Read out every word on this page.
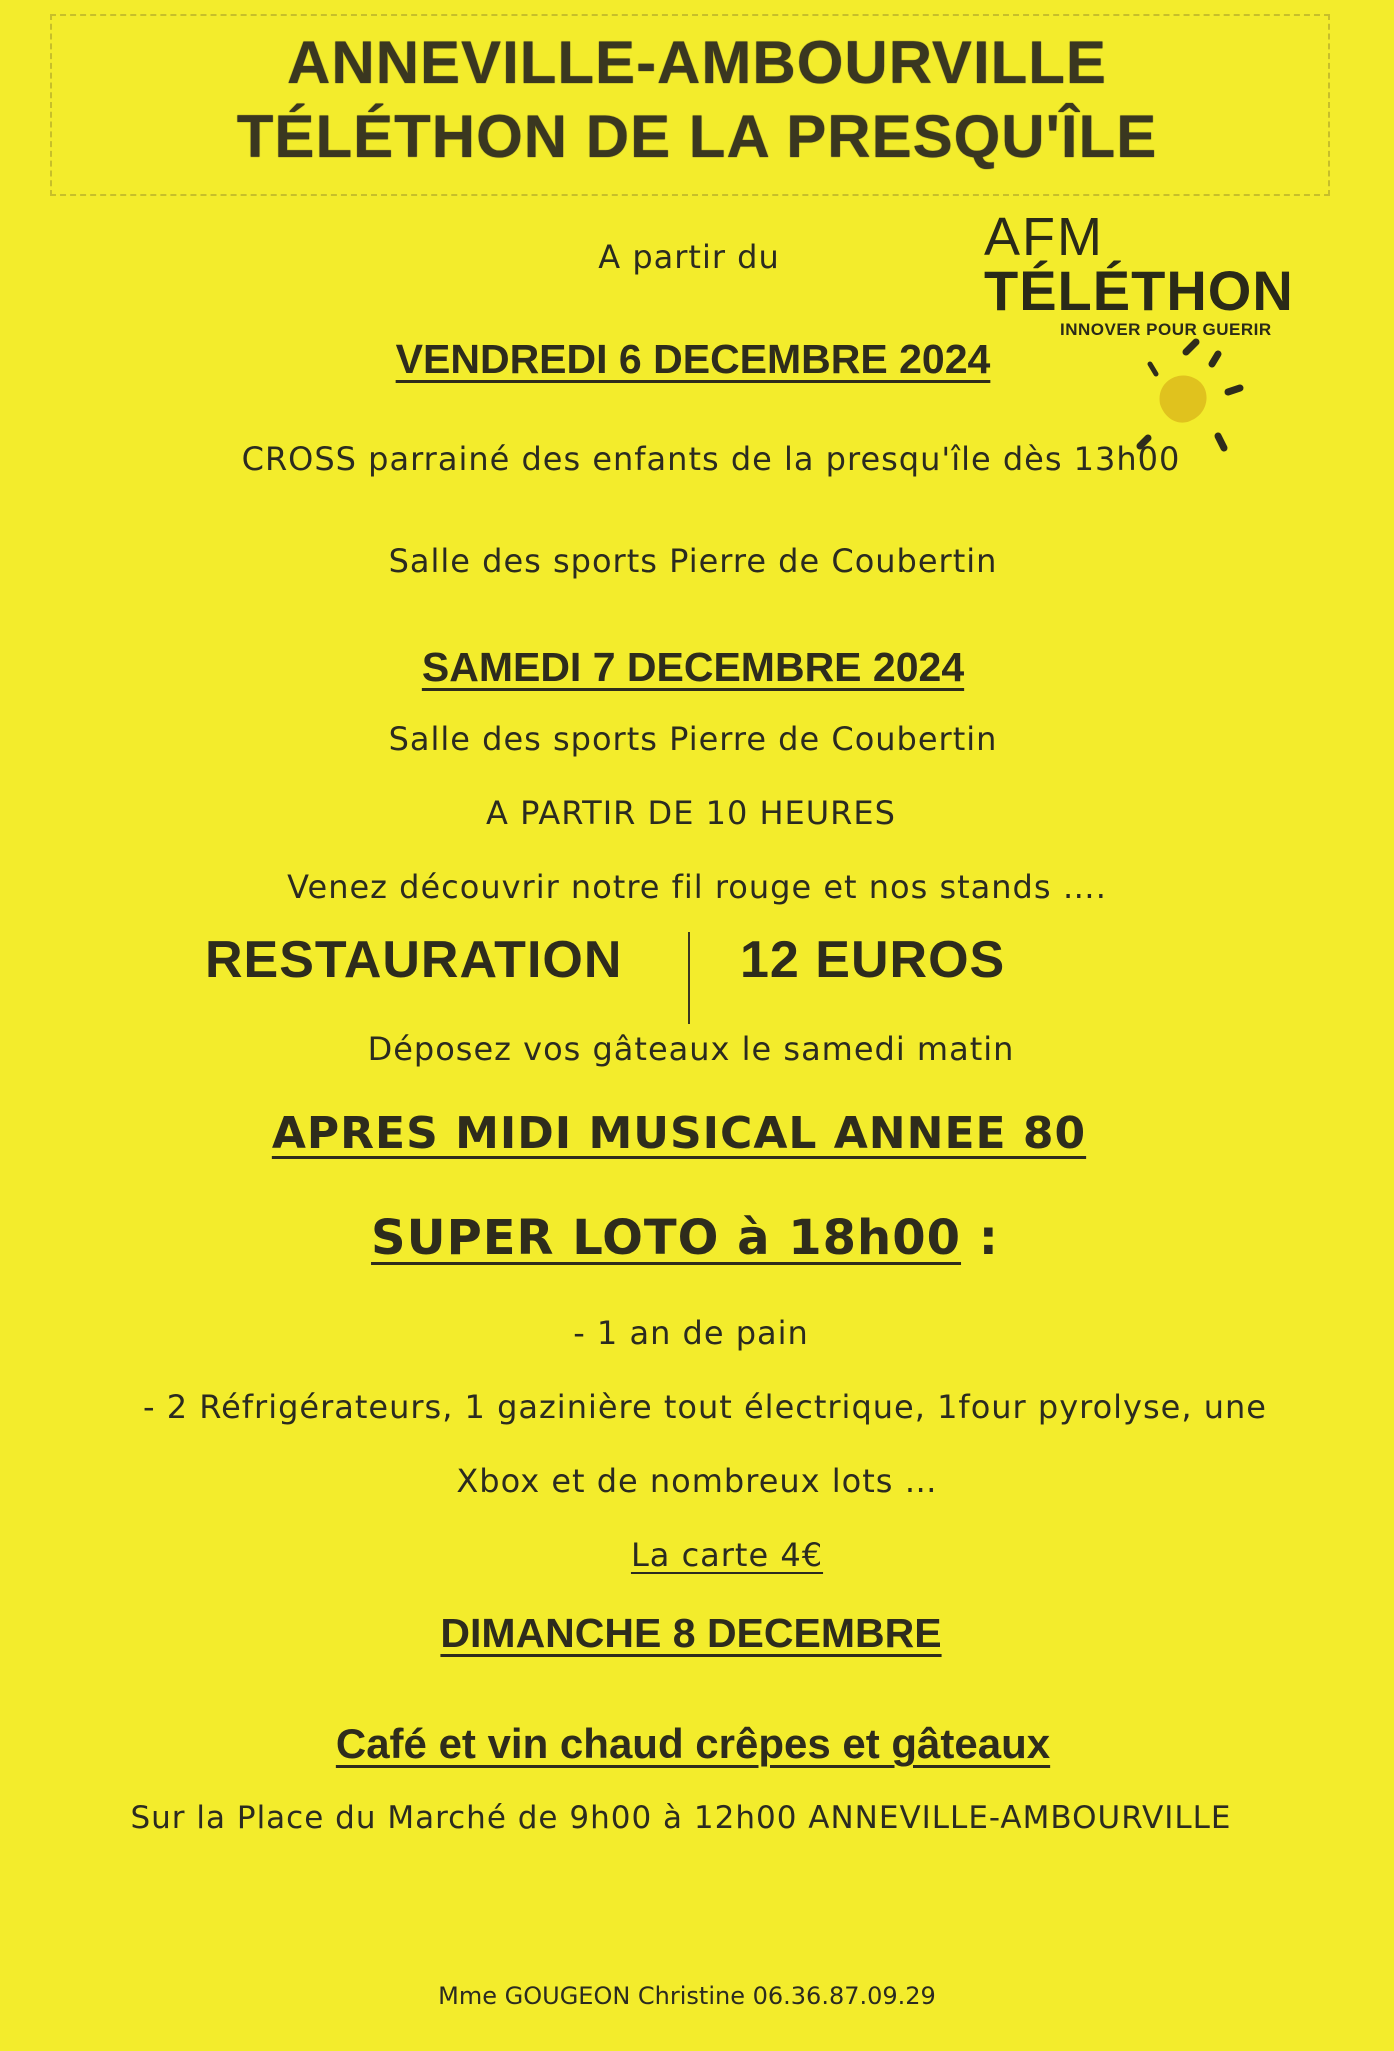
ANNEVILLE-AMBOURVILLE
TÉLÉTHON DE LA PRESQU'ÎLE
AFM
TÉLÉTHON
INNOVER POUR GUERIR
A partir du
VENDREDI 6 DECEMBRE 2024
CROSS parrainé des enfants de la presqu'île dès 13h00
Salle des sports Pierre de Coubertin
SAMEDI 7 DECEMBRE 2024
Salle des sports Pierre de Coubertin
A PARTIR DE 10 HEURES
Venez découvrir notre fil rouge et nos stands ….
RESTAURATION 12 EUROS
Déposez vos gâteaux le samedi matin
APRES MIDI MUSICAL ANNEE 80
SUPER LOTO à 18h00 :
- 1 an de pain
- 2 Réfrigérateurs, 1 gazinière tout électrique, 1four pyrolyse, une
Xbox et de nombreux lots …
La carte 4€
DIMANCHE 8 DECEMBRE
Café et vin chaud crêpes et gâteaux
Sur la Place du Marché de 9h00 à 12h00 ANNEVILLE-AMBOURVILLE
Mme GOUGEON Christine 06.36.87.09.29
